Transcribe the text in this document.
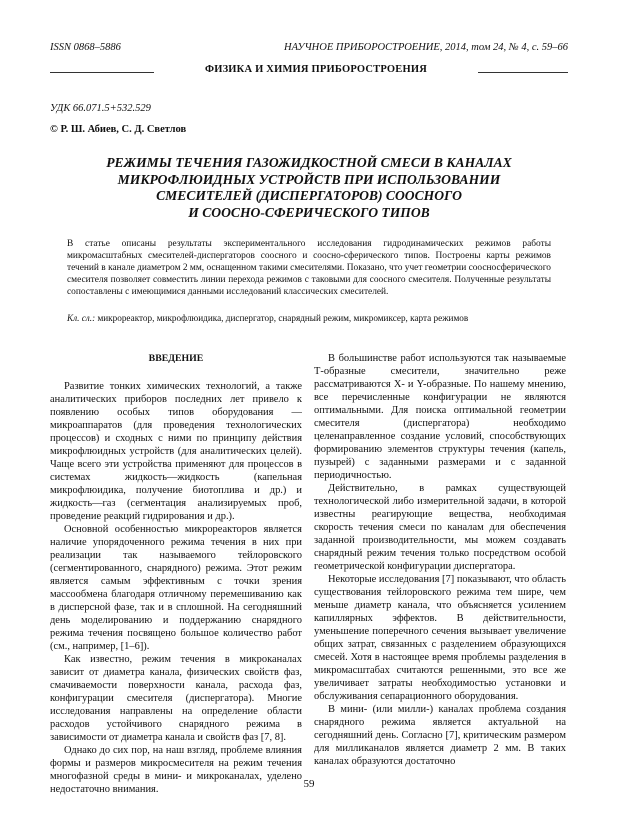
ISSN 0868–5886	НАУЧНОЕ ПРИБОРОСТРОЕНИЕ, 2014, том 24, № 4, с. 59–66
ФИЗИКА И ХИМИЯ ПРИБОРОСТРОЕНИЯ
УДК 66.071.5+532.529
© Р. Ш. Абиев, С. Д. Светлов
РЕЖИМЫ ТЕЧЕНИЯ ГАЗОЖИДКОСТНОЙ СМЕСИ В КАНАЛАХ
МИКРОФЛЮИДНЫХ УСТРОЙСТВ ПРИ ИСПОЛЬЗОВАНИИ
СМЕСИТЕЛЕЙ (ДИСПЕРГАТОРОВ) СООСНОГО
И СООСНО-СФЕРИЧЕСКОГО ТИПОВ
В статье описаны результаты экспериментального исследования гидродинамических режимов работы микромасштабных смесителей-диспергаторов соосного и соосно-сферического типов. Построены карты режимов течений в канале диаметром 2 мм, оснащенном такими смесителями. Показано, что учет геометрии соосносферического смесителя позволяет совместить линии перехода режимов с таковыми для соосного смесителя. Полученные результаты сопоставлены с имеющимися данными исследований классических смесителей.
Кл. сл.: микрореактор, микрофлюидика, диспергатор, снарядный режим, микромиксер, карта режимов
ВВЕДЕНИЕ

Развитие тонких химических технологий, а также аналитических приборов последних лет привело к появлению особых типов оборудования — микроаппаратов (для проведения технологических процессов) и сходных с ними по принципу действия микрофлюидных устройств (для аналитических целей). Чаще всего эти устройства применяют для процессов в системах жидкость—жидкость (капельная микрофлюидика, получение биотоплива и др.) и жидкость—газ (сегментация анализируемых проб, проведение реакций гидрирования и др.).

Основной особенностью микрореакторов является наличие упорядоченного режима течения в них при реализации так называемого тейлоровского (сегментированного, снарядного) режима. Этот режим является самым эффективным с точки зрения массообмена благодаря отличному перемешиванию как в дисперсной фазе, так и в сплошной. На сегодняшний день моделированию и поддержанию снарядного режима течения посвящено большое количество работ (см., например, [1–6]).

Как известно, режим течения в микроканалах зависит от диаметра канала, физических свойств фаз, смачиваемости поверхности канала, расхода фаз, конфигурации смесителя (диспергатора). Многие исследования направлены на определение области расходов устойчивого снарядного режима в зависимости от диаметра канала и свойств фаз [7, 8].

Однако до сих пор, на наш взгляд, проблеме влияния формы и размеров микросмесителя на режим течения многофазной среды в мини- и микроканалах, уделено недостаточно внимания.

В большинстве работ используются так называемые Т-образные смесители, значительно реже рассматриваются Х- и Y-образные. По нашему мнению, все перечисленные конфигурации не являются оптимальными. Для поиска оптимальной геометрии смесителя (диспергатора) необходимо целенаправленное создание условий, способствующих формированию элементов структуры течения (капель, пузырей) с заданными размерами и с заданной периодичностью.

Действительно, в рамках существующей технологической либо измерительной задачи, в которой известны реагирующие вещества, необходимая скорость течения смеси по каналам для обеспечения заданной производительности, мы можем создавать снарядный режим течения только посредством особой геометрической конфигурации диспергатора.

Некоторые исследования [7] показывают, что область существования тейлоровского режима тем шире, чем меньше диаметр канала, что объясняется усилением капиллярных эффектов. В действительности, уменьшение поперечного сечения вызывает увеличение общих затрат, связанных с разделением образующихся смесей. Хотя в настоящее время проблемы разделения в микромасштабах считаются решенными, это все же увеличивает затраты необходимостью установки и обслуживания сепарационного оборудования.

В мини- (или милли-) каналах проблема создания снарядного режима является актуальной на сегодняшний день. Согласно [7], критическим размером для милликаналов является диаметр 2 мм. В таких каналах образуются достаточно

59
